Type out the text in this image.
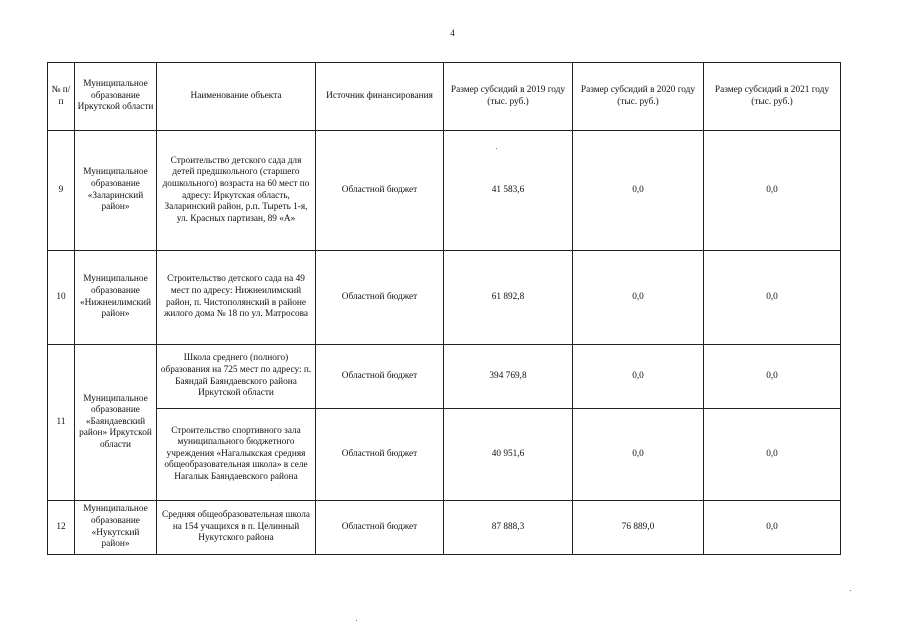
4
№ п/п	Муниципальное образование Иркутской области	Наименование объекта	Источник финансирования	Размер субсидий в 2019 году (тыс. руб.)	Размер субсидий в 2020 году (тыс. руб.)	Размер субсидий в 2021 году (тыс. руб.)
9	Муниципальное образование «Заларинский район»	Строительство детского сада для детей предшкольного (старшего дошкольного) возраста на 60 мест по адресу: Иркутская область, Заларинский район, р.п. Тыреть 1-я, ул. Красных партизан, 89 «А»	Областной бюджет	41 583,6	0,0	0,0
10	Муниципальное образование «Нижнеилимский район»	Строительство детского сада на 49 мест по адресу: Нижнеилимский район, п. Чистополянский в районе жилого дома № 18 по ул. Матросова	Областной бюджет	61 892,8	0,0	0,0
11	Муниципальное образование «Баяндаевский район» Иркутской области	Школа среднего (полного) образования на 725 мест по адресу: п. Баяндай Баяндаевского района Иркутской области	Областной бюджет	394 769,8	0,0	0,0
		Строительство спортивного зала муниципального бюджетного учреждения «Нагалыкская средняя общеобразовательная школа» в селе Нагалык Баяндаевского района	Областной бюджет	40 951,6	0,0	0,0
12	Муниципальное образование «Нукутский район»	Средняя общеобразовательная школа на 154 учащихся в п. Целинный Нукутского района	Областной бюджет	87 888,3	76 889,0	0,0
